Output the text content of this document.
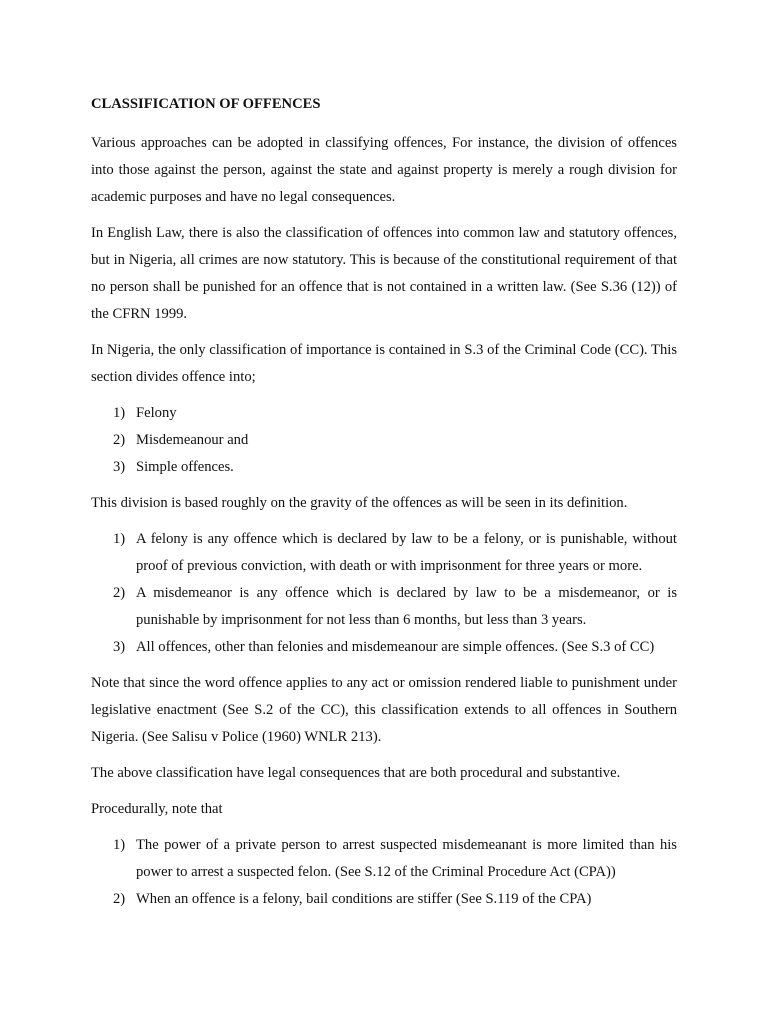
CLASSIFICATION OF OFFENCES

Various approaches can be adopted in classifying offences, For instance, the division of offences into those against the person, against the state and against property is merely a rough division for academic purposes and have no legal consequences.

In English Law, there is also the classification of offences into common law and statutory offences, but in Nigeria, all crimes are now statutory. This is because of the constitutional requirement of that no person shall be punished for an offence that is not contained in a written law. (See S.36 (12)) of the CFRN 1999.

In Nigeria, the only classification of importance is contained in S.3 of the Criminal Code (CC). This section divides offence into;

1) Felony
2) Misdemeanour and
3) Simple offences.

This division is based roughly on the gravity of the offences as will be seen in its definition.

1) A felony is any offence which is declared by law to be a felony, or is punishable, without proof of previous conviction, with death or with imprisonment for three years or more.
2) A misdemeanor is any offence which is declared by law to be a misdemeanor, or is punishable by imprisonment for not less than 6 months, but less than 3 years.
3) All offences, other than felonies and misdemeanour are simple offences. (See S.3 of CC)

Note that since the word offence applies to any act or omission rendered liable to punishment under legislative enactment (See S.2 of the CC), this classification extends to all offences in Southern Nigeria. (See Salisu v Police (1960) WNLR 213).

The above classification have legal consequences that are both procedural and substantive.

Procedurally, note that

1) The power of a private person to arrest suspected misdemeanant is more limited than his power to arrest a suspected felon. (See S.12 of the Criminal Procedure Act (CPA))
2) When an offence is a felony, bail conditions are stiffer (See S.119 of the CPA)
